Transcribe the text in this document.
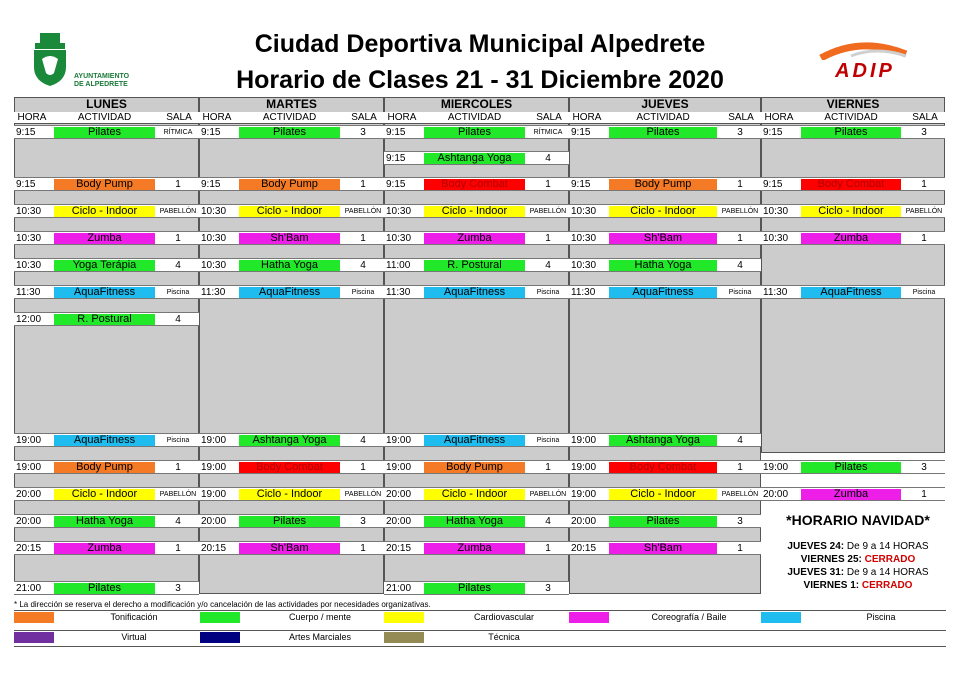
AYUNTAMIENTO
DE ALPEDRETE
Ciudad Deportiva Municipal Alpedrete
Horario de Clases 21 - 31 Diciembre 2020	ADIP
LUNES
HORA	ACTIVIDAD	SALA
9:15	Pilates	RÍTMICA
9:15	Body Pump	1
10:30	Ciclo - Indoor	PABELLÓN
10:30	Zumba	1
10:30	Yoga Terápia	4
11:30	AquaFitness	Piscina
12:00	R. Postural	4
19:00	AquaFitness	Piscina
19:00	Body Pump	1
20:00	Ciclo - Indoor	PABELLÓN
20:00	Hatha Yoga	4
20:15	Zumba	1
21:00	Pilates	3
MARTES
HORA	ACTIVIDAD	SALA
9:15	Pilates	3
9:15	Body Pump	1
10:30	Ciclo - Indoor	PABELLÓN
10:30	Sh'Bam	1
10:30	Hatha Yoga	4
11:30	AquaFitness	Piscina
19:00	Ashtanga Yoga	4
19:00	Body Combat	1
19:00	Ciclo - Indoor	PABELLÓN
20:00	Pilates	3
20:15	Sh'Bam	1
MIERCOLES
HORA	ACTIVIDAD	SALA
9:15	Pilates	RÍTMICA
9:15	Ashtanga Yoga	4
9:15	Body Combat	1
10:30	Ciclo - Indoor	PABELLÓN
10:30	Zumba	1
11:00	R. Postural	4
11:30	AquaFitness	Piscina
19:00	AquaFitness	Piscina
19:00	Body Pump	1
20:00	Ciclo - Indoor	PABELLÓN
20:00	Hatha Yoga	4
20:15	Zumba	1
21:00	Pilates	3
JUEVES
HORA	ACTIVIDAD	SALA
9:15	Pilates	3
9:15	Body Pump	1
10:30	Ciclo - Indoor	PABELLÓN
10:30	Sh'Bam	1
10:30	Hatha Yoga	4
11:30	AquaFitness	Piscina
19:00	Ashtanga Yoga	4
19:00	Body Combat	1
19:00	Ciclo - Indoor	PABELLÓN
20:00	Pilates	3
20:15	Sh'Bam	1
VIERNES
HORA	ACTIVIDAD	SALA
9:15	Pilates	3
9:15	Body Combat	1
10:30	Ciclo - Indoor	PABELLÓN
10:30	Zumba	1
11:30	AquaFitness	Piscina
19:00	Pilates	3
20:00	Zumba	1
*HORARIO NAVIDAD*
JUEVES 24: De 9 a 14 HORAS
VIERNES 25: CERRADO
JUEVES 31: De 9 a 14 HORAS
VIERNES 1: CERRADO
* La dirección se reserva el derecho a modificación y/o cancelación de las actividades por necesidades organizativas.
Tonificación	Cuerpo / mente	Cardiovascular	Coreografía / Baile	Piscina
Virtual	Artes Marciales	Técnica
